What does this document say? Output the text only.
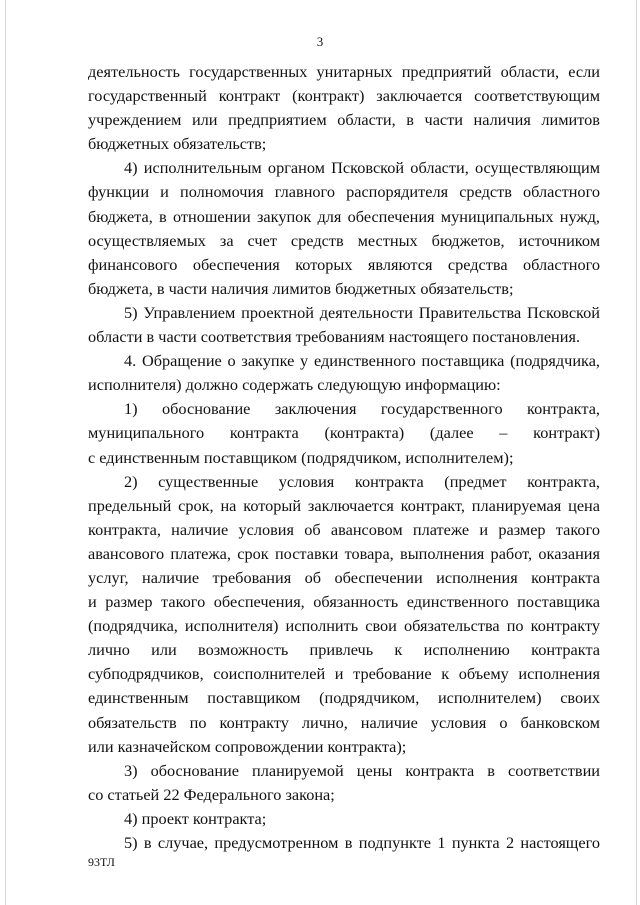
3
деятельность государственных унитарных предприятий области, если
государственный контракт (контракт) заключается соответствующим
учреждением или предприятием области, в части наличия лимитов
бюджетных обязательств;
4) исполнительным органом Псковской области, осуществляющим
функции и полномочия главного распорядителя средств областного
бюджета, в отношении закупок для обеспечения муниципальных нужд,
осуществляемых за счет средств местных бюджетов, источником
финансового обеспечения которых являются средства областного
бюджета, в части наличия лимитов бюджетных обязательств;
5) Управлением проектной деятельности Правительства Псковской
области в части соответствия требованиям настоящего постановления.
4. Обращение о закупке у единственного поставщика (подрядчика,
исполнителя) должно содержать следующую информацию:
1) обоснование заключения государственного контракта,
муниципального контракта (контракта) (далее – контракт)
с единственным поставщиком (подрядчиком, исполнителем);
2) существенные условия контракта (предмет контракта,
предельный срок, на который заключается контракт, планируемая цена
контракта, наличие условия об авансовом платеже и размер такого
авансового платежа, срок поставки товара, выполнения работ, оказания
услуг, наличие требования об обеспечении исполнения контракта
и размер такого обеспечения, обязанность единственного поставщика
(подрядчика, исполнителя) исполнить свои обязательства по контракту
лично или возможность привлечь к исполнению контракта
субподрядчиков, соисполнителей и требование к объему исполнения
единственным поставщиком (подрядчиком, исполнителем) своих
обязательств по контракту лично, наличие условия о банковском
или казначейском сопровождении контракта);
3) обоснование планируемой цены контракта в соответствии
со статьей 22 Федерального закона;
4) проект контракта;
5) в случае, предусмотренном в подпункте 1 пункта 2 настоящего
93ТЛ
